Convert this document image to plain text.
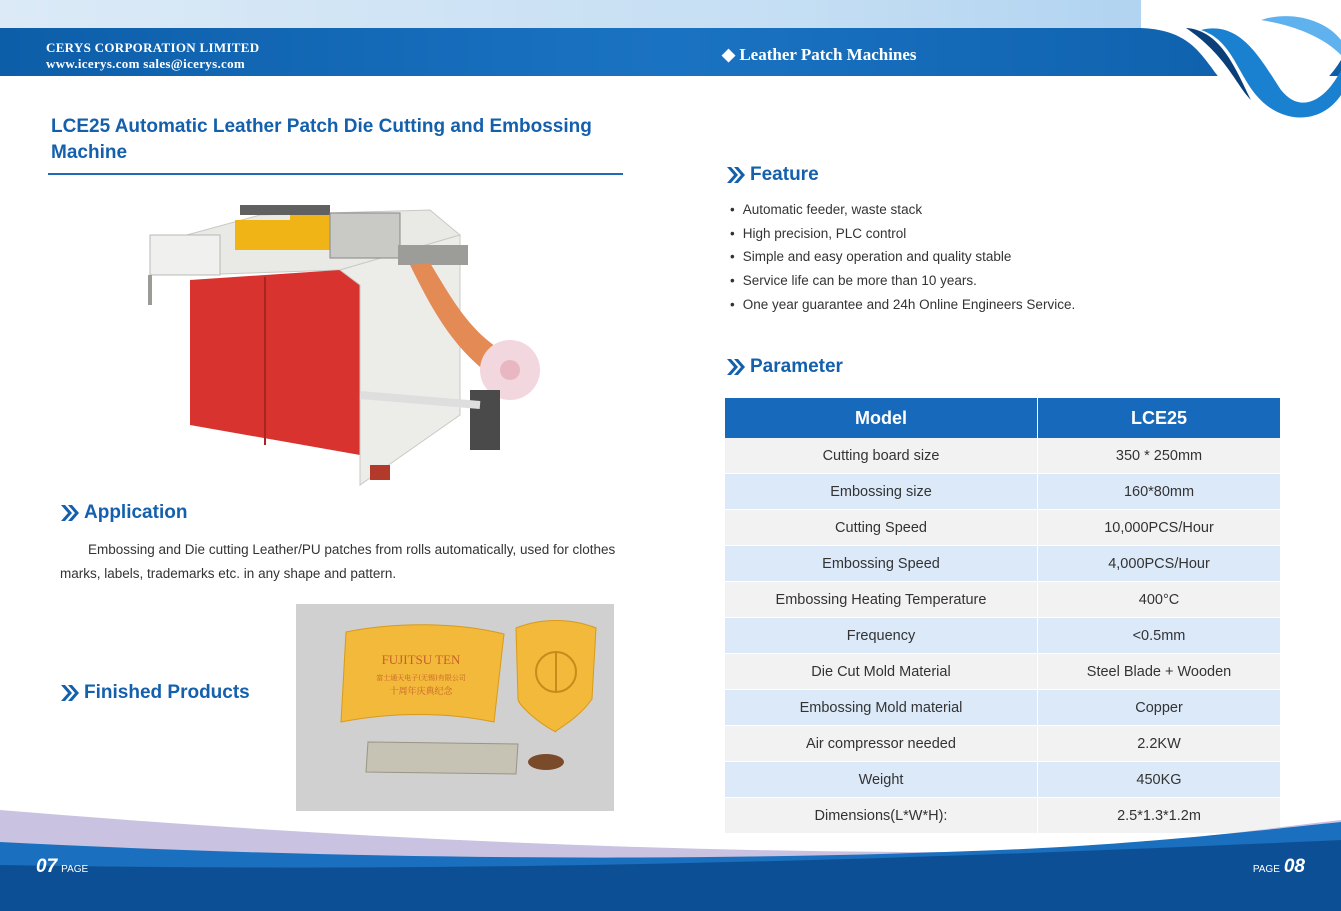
CERYS CORPORATION LIMITED
www.icerys.com sales@icerys.com	◆ Leather Patch Machines
LCE25 Automatic Leather Patch Die Cutting and Embossing Machine
Application
Embossing and Die cutting Leather/PU patches from rolls automatically, used for clothes marks, labels, trademarks etc. in any shape and pattern.
Finished Products
FUJITSU TEN
富士通天电子(无锡)有限公司
十周年庆典纪念
Feature
• Automatic feeder, waste stack
• High precision, PLC control
• Simple and easy operation and quality stable
• Service life can be more than 10 years.
• One year guarantee and 24h Online Engineers Service.
Parameter
Model	LCE25
Cutting board size	350 * 250mm
Embossing size	160*80mm
Cutting Speed	10,000PCS/Hour
Embossing Speed	4,000PCS/Hour
Embossing Heating Temperature	400°C
Frequency	<0.5mm
Die Cut Mold Material	Steel Blade + Wooden
Embossing Mold material	Copper
Air compressor needed	2.2KW
Weight	450KG
Dimensions(L*W*H):	2.5*1.3*1.2m
07 PAGE	PAGE 08
